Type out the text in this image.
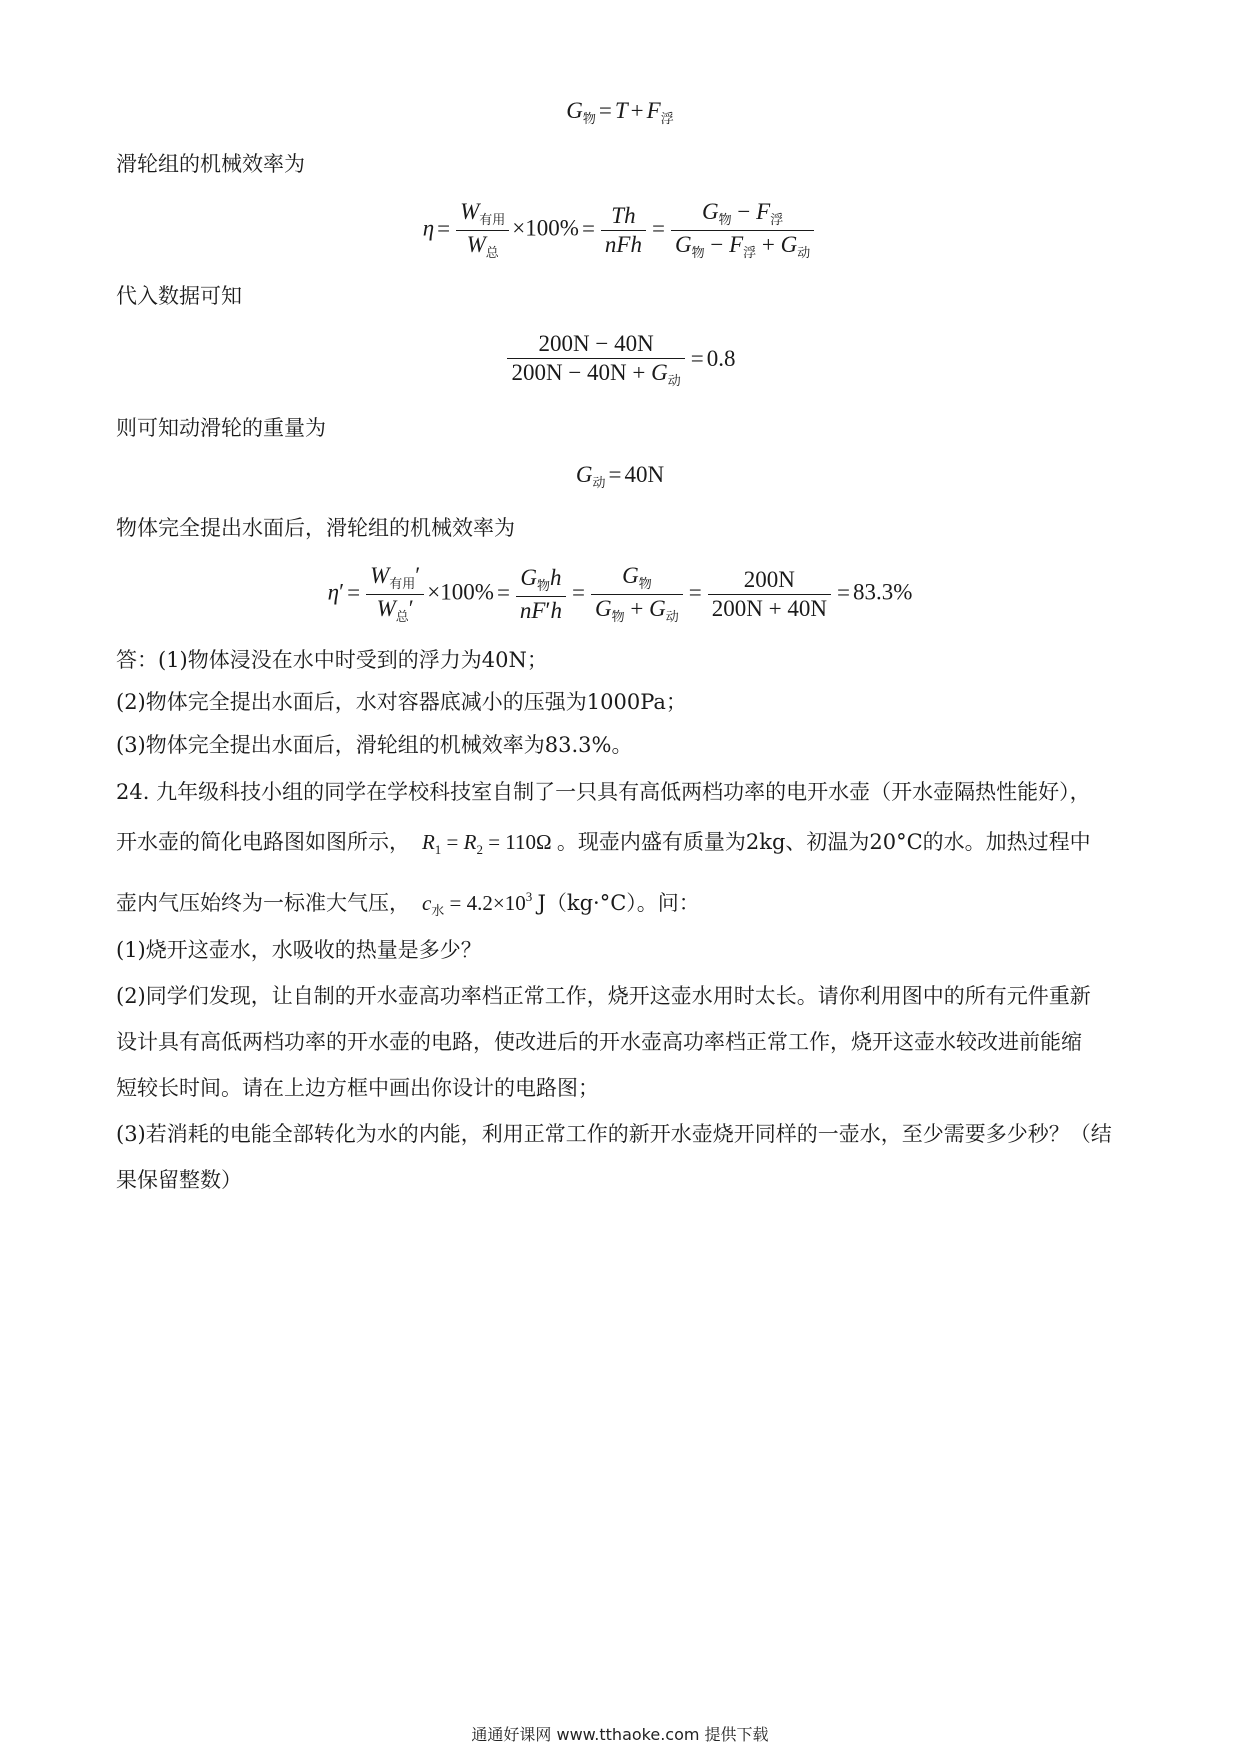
$G_物 = T + F_浮$
滑轮组的机械效率为
$\eta = \frac{W_{有用}}{W_总} \times 100\% = \frac{Th}{\text{nFh}} = \frac{G_物 - F_浮}{G_物 - F_浮 + G_动}$
代入数据可知
$\frac{200N - 40N}{200N - 40N + G_动} = 0.8$
则可知动滑轮的重量为
$G_动 = 40N$
物体完全提出水面后，滑轮组的机械效率为
$\eta' = \frac{W_{有用}'}{W_总'} \times 100\% = \frac{G_物h}{nF'h} = \frac{G_物}{G_物 + G_动} = \frac{200N}{200N + 40N} = 83.3\%$
答：(1)物体浸没在水中时受到的浮力为40N；
(2)物体完全提出水面后，水对容器底减小的压强为1000Pa；
(3)物体完全提出水面后，滑轮组的机械效率为83.3%。
24. 九年级科技小组的同学在学校科技室自制了一只具有高低两档功率的电开水壶（开水壶隔热性能好），
开水壶的简化电路图如图所示， $R_1 = R_2 = 110\Omega$ 。现壶内盛有质量为2kg、初温为20°C的水。加热过程中
壶内气压始终为一标准大气压， $c_水 = 4.2\times 10^3$ J（kg·°C）。问：
(1)烧开这壶水，水吸收的热量是多少？
(2)同学们发现，让自制的开水壶高功率档正常工作，烧开这壶水用时太长。请你利用图中的所有元件重新
设计具有高低两档功率的开水壶的电路，使改进后的开水壶高功率档正常工作，烧开这壶水较改进前能缩
短较长时间。请在上边方框中画出你设计的电路图；
(3)若消耗的电能全部转化为水的内能，利用正常工作的新开水壶烧开同样的一壶水，至少需要多少秒？（结
果保留整数）
通通好课网 www.tthaoke.com 提供下载
